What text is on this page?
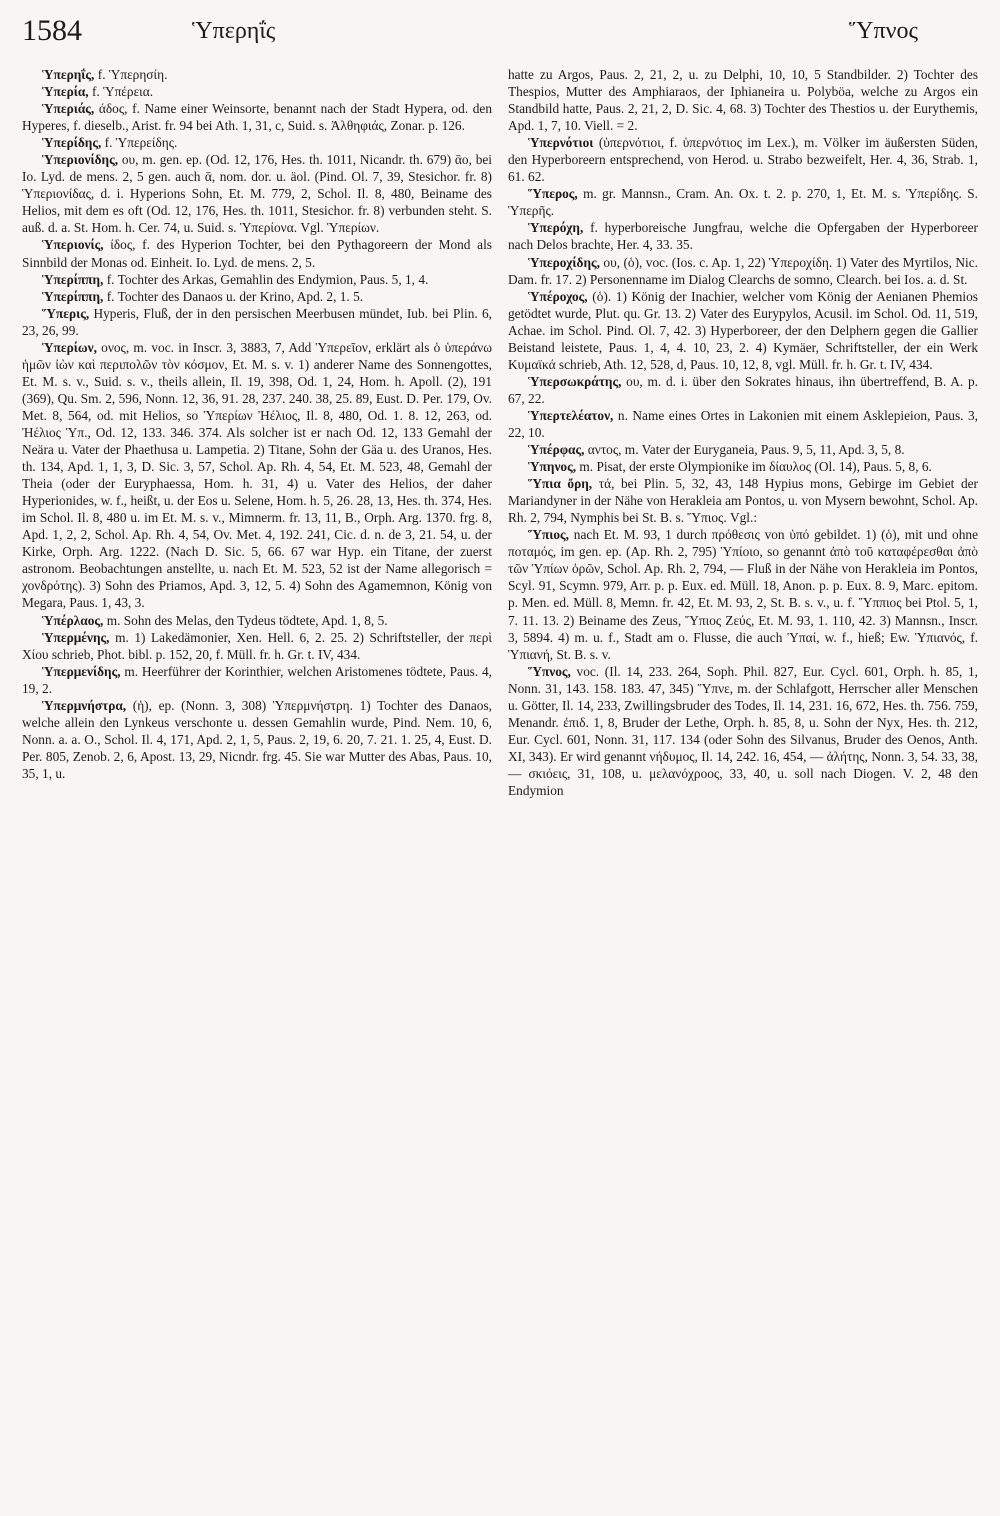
1584	Ὑπερηΐς	Ὕπνος

Ὑπερηΐς, f. Ὑπερησίη.

Ὑπερία, f. Ὑπέρεια.

Ὑπεριάς, άδος, f. Name einer Weinsorte, benannt nach der Stadt Hyperа, od. den Hyperes, f. dieselb., Arist. fr. 94 bei Ath. 1, 31, c, Suid. s. Ἀλθηφιάς, Zonar. p. 126.

Ὑπερίδης, f. Ὑπερείδης.

Ὑπεριονίδης, ου, m. gen. ep. (Od. 12, 176, Hes. th. 1011, Nicandr. th. 679) ᾱο, bei Io. Lyd. de mens. 2, 5 gen. auch ᾱ, nom. dor. u. äol. (Pind. Ol. 7, 39, Stesichor. fr. 8) Ὑπεριονίδας, d. i. Hyperions Sohn, Et. M. 779, 2, Schol. Il. 8, 480, Beiname des Helios, mit dem es oft (Od. 12, 176, Hes. th. 1011, Stesichor. fr. 8) verbunden steht. S. auß. d. a. St. Hom. h. Cer. 74, u. Suid. s. Ὑπερίονα. Vgl. Ὑπερίων.

Ὑπεριονίς, ίδος, f. des Hyperion Tochter, bei den Pythagoreern der Mond als Sinnbild der Monas od. Einheit. Io. Lyd. de mens. 2, 5.

Ὑπερίππη, f. Tochter des Arkas, Gemahlin des Endymion, Paus. 5, 1, 4.

Ὑπερίππη, f. Tochter des Danaos u. der Krino, Apd. 2, 1. 5.

Ὕπερις, Hyperis, Fluß, der in den persischen Meerbusen mündet, Iub. bei Plin. 6, 23, 26, 99.

Ὑπερίων, ονος, m. voc. in Inscr. 3, 3883, 7, Add Ὑπερεῖον, erklärt als ὁ ὑπεράνω ἡμῶν ἰὼν καὶ περιπολῶν τὸν κόσμον, Et. M. s. v. 1) anderer Name des Sonnengottes, Et. M. s. v., Suid. s. v., theils allein, Il. 19, 398, Od. 1, 24, Hom. h. Apoll. (2), 191 (369), Qu. Sm. 2, 596, Nonn. 12, 36, 91. 28, 237. 240. 38, 25. 89, Eust. D. Per. 179, Ov. Met. 8, 564, od. mit Helios, so Ὑπερίων Ἠέλιος, Il. 8, 480, Od. 1. 8. 12, 263, od. Ἠέλιος Ὑπ., Od. 12, 133. 346. 374. Als solcher ist er nach Od. 12, 133 Gemahl der Neära u. Vater der Phaethusa u. Lampetia. 2) Titane, Sohn der Gäa u. des Uranos, Hes. th. 134, Apd. 1, 1, 3, D. Sic. 3, 57, Schol. Ap. Rh. 4, 54, Et. M. 523, 48, Gemahl der Theia (oder der Euryphaessa, Hom. h. 31, 4) u. Vater des Helios, der daher Hyperionides, w. f., heißt, u. der Eos u. Selene, Hom. h. 5, 26. 28, 13, Hes. th. 374, Hes. im Schol. Il. 8, 480 u. im Et. M. s. v., Mimnerm. fr. 13, 11, B., Orph. Arg. 1370. frg. 8, Apd. 1, 2, 2, Schol. Ap. Rh. 4, 54, Ov. Met. 4, 192. 241, Cic. d. n. de 3, 21. 54, u. der Kirke, Orph. Arg. 1222. (Nach D. Sic. 5, 66. 67 war Hyp. ein Titane, der zuerst astronom. Beobachtungen anstellte, u. nach Et. M. 523, 52 ist der Name allegorisch = χονδρότης). 3) Sohn des Priamos, Apd. 3, 12, 5. 4) Sohn des Agamemnon, König von Megara, Paus. 1, 43, 3.

Ὑπέρλαος, m. Sohn des Melas, den Tydeus tödtete, Apd. 1, 8, 5.

Ὑπερμένης, m. 1) Lakedämonier, Xen. Hell. 6, 2. 25. 2) Schriftsteller, der περὶ Χίου schrieb, Phot. bibl. p. 152, 20, f. Müll. fr. h. Gr. t. IV, 434.

Ὑπερμενίδης, m. Heerführer der Korinthier, welchen Aristomenes tödtete, Paus. 4, 19, 2.

Ὑπερμνήστρα, (ἡ), ep. (Nonn. 3, 308) Ὑπερμνήστρη. 1) Tochter des Danaos, welche allein den Lynkeus verschonte u. dessen Gemahlin wurde, Pind. Nem. 10, 6, Nonn. a. a. O., Schol. Il. 4, 171, Apd. 2, 1, 5, Paus. 2, 19, 6. 20, 7. 21. 1. 25, 4, Eust. D. Per. 805, Zenob. 2, 6, Apost. 13, 29, Nicndr. frg. 45. Sie war Mutter des Abas, Paus. 10, 35, 1, u.

hatte zu Argos, Paus. 2, 21, 2, u. zu Delphi, 10, 10, 5 Standbilder. 2) Tochter des Thespios, Mutter des Amphiaraos, der Iphianeira u. Polyböa, welche zu Argos ein Standbild hatte, Paus. 2, 21, 2, D. Sic. 4, 68. 3) Tochter des Thestios u. der Eurythemis, Apd. 1, 7, 10. Viell. = 2.

Ὑπερνότιοι (ὑπερνότιοι, f. ὑπερνότιος im Lex.), m. Völker im äußersten Süden, den Hyperboreern entsprechend, von Herod. u. Strabo bezweifelt, Her. 4, 36, Strab. 1, 61. 62.

Ὕπερος, m. gr. Mannsn., Cram. An. Ox. t. 2. p. 270, 1, Et. M. s. Ὑπερίδης. S. Ὑπερῆς.

Ὑπερόχη, f. hyperboreische Jungfrau, welche die Opfergaben der Hyperboreer nach Delos brachte, Her. 4, 33. 35.

Ὑπεροχίδης, ου, (ὁ), voc. (Ios. c. Ap. 1, 22) Ὑπεροχίδη. 1) Vater des Myrtilos, Nic. Dam. fr. 17. 2) Personenname im Dialog Clearchs de somno, Clearch. bei Ios. a. d. St.

Ὑπέροχος, (ὁ). 1) König der Inachier, welcher vom König der Aenianen Phemios getödtet wurde, Plut. qu. Gr. 13. 2) Vater des Eurypylos, Acusil. im Schol. Od. 11, 519, Achae. im Schol. Pind. Ol. 7, 42. 3) Hyperboreer, der den Delphern gegen die Gallier Beistand leistete, Paus. 1, 4, 4. 10, 23, 2. 4) Kymäer, Schriftsteller, der ein Werk Κυμαϊκά schrieb, Ath. 12, 528, d, Paus. 10, 12, 8, vgl. Müll. fr. h. Gr. t. IV, 434.

Ὑπερσωκράτης, ου, m. d. i. über den Sokrates hinaus, ihn übertreffend, B. A. p. 67, 22.

Ὑπερτελέατον, n. Name eines Ortes in Lakonien mit einem Asklepieion, Paus. 3, 22, 10.

Ὑπέρφας, αντος, m. Vater der Euryganeia, Paus. 9, 5, 11, Apd. 3, 5, 8.

Ὑπηνος, m. Pisat, der erste Olympionike im δίαυλος (Ol. 14), Paus. 5, 8, 6.

Ὕπια ὄρη, τά, bei Plin. 5, 32, 43, 148 Hypius mons, Gebirge im Gebiet der Mariandyner in der Nähe von Herakleia am Pontos, u. von Mysern bewohnt, Schol. Ap. Rh. 2, 794, Nymphis bei St. B. s. Ὕπιος. Vgl.:

Ὕπιος, nach Et. M. 93, 1 durch πρόθεσις von ὑπό gebildet. 1) (ὁ), mit und ohne ποταμός, im gen. ep. (Ap. Rh. 2, 795) Ὑπίοιο, so genannt ἀπὸ τοῦ καταφέρεσθαι ἀπὸ τῶν Ὑπίων ὀρῶν, Schol. Ap. Rh. 2, 794, — Fluß in der Nähe von Herakleia im Pontos, Scyl. 91, Scymn. 979, Arr. p. p. Eux. ed. Müll. 18, Anon. p. p. Eux. 8. 9, Marc. epitom. p. Men. ed. Müll. 8, Memn. fr. 42, Et. M. 93, 2, St. B. s. v., u. f. Ὕππιος bei Ptol. 5, 1, 7. 11. 13. 2) Beiname des Zeus, Ὕπιος Ζεύς, Et. M. 93, 1. 110, 42. 3) Mannsn., Inscr. 3, 5894. 4) m. u. f., Stadt am o. Flusse, die auch Ὑπαί, w. f., hieß; Ew. Ὑπιανός, f. Ὑπιανή, St. B. s. v.

Ὕπνος, voc. (Il. 14, 233. 264, Soph. Phil. 827, Eur. Cycl. 601, Orph. h. 85, 1, Nonn. 31, 143. 158. 183. 47, 345) Ὕπνε, m. der Schlafgott, Herrscher aller Menschen u. Götter, Il. 14, 233, Zwillingsbruder des Todes, Il. 14, 231. 16, 672, Hes. th. 756. 759, Menandr. ἐπιδ. 1, 8, Bruder der Lethe, Orph. h. 85, 8, u. Sohn der Nyx, Hes. th. 212, Eur. Cycl. 601, Nonn. 31, 117. 134 (oder Sohn des Silvanus, Bruder des Oenos, Anth. XI, 343). Er wird genannt νήδυμος, Il. 14, 242. 16, 454, — ἀλήτης, Nonn. 3, 54. 33, 38, — σκιόεις, 31, 108, u. μελανόχροος, 33, 40, u. soll nach Diogen. V. 2, 48 den Endymion
